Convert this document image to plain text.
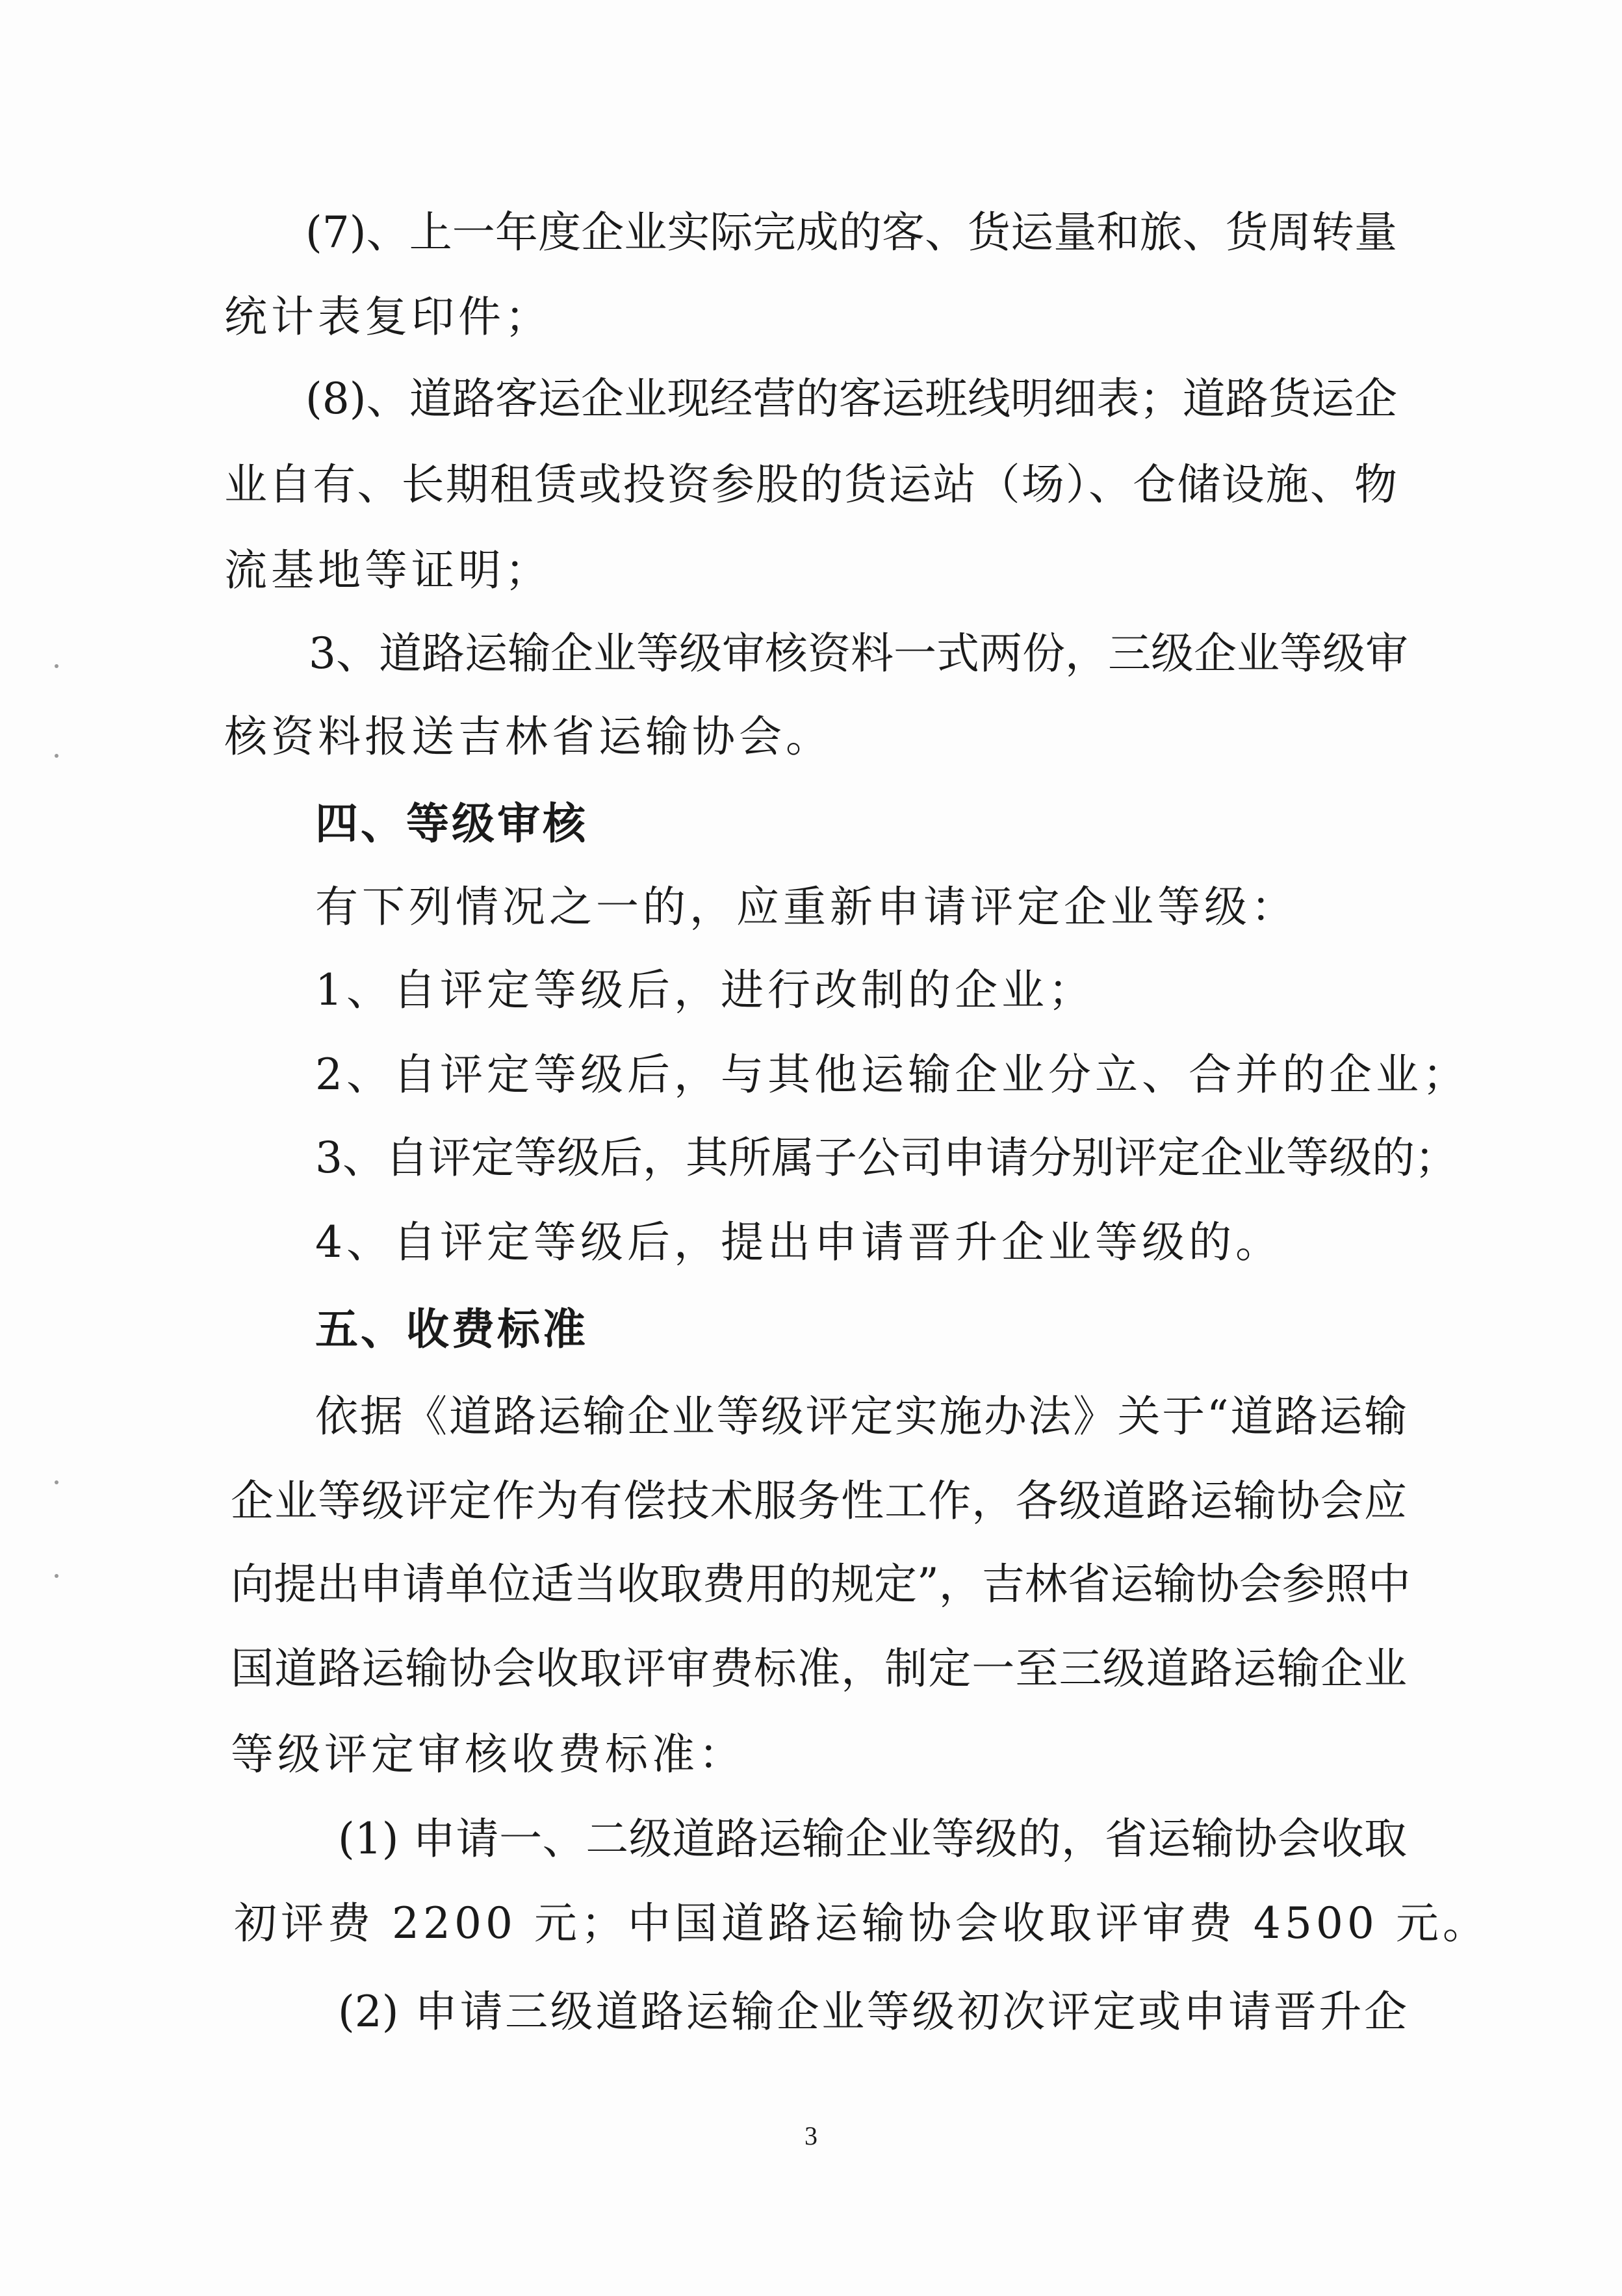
(7)、上一年度企业实际完成的客、货运量和旅、货周转量
统计表复印件；
(8)、道路客运企业现经营的客运班线明细表；道路货运企
业自有、长期租赁或投资参股的货运站（场）、仓储设施、物
流基地等证明；
3、道路运输企业等级审核资料一式两份，三级企业等级审
核资料报送吉林省运输协会。
四、等级审核
有下列情况之一的，应重新申请评定企业等级：
1、自评定等级后，进行改制的企业；
2、自评定等级后，与其他运输企业分立、合并的企业；
3、自评定等级后，其所属子公司申请分别评定企业等级的；
4、自评定等级后，提出申请晋升企业等级的。
五、收费标准
依据《道路运输企业等级评定实施办法》关于“道路运输
企业等级评定作为有偿技术服务性工作，各级道路运输协会应
向提出申请单位适当收取费用的规定”，吉林省运输协会参照中
国道路运输协会收取评审费标准，制定一至三级道路运输企业
等级评定审核收费标准：
(1) 申请一、二级道路运输企业等级的，省运输协会收取
初评费 2200 元；中国道路运输协会收取评审费 4500 元。
(2) 申请三级道路运输企业等级初次评定或申请晋升企
3
